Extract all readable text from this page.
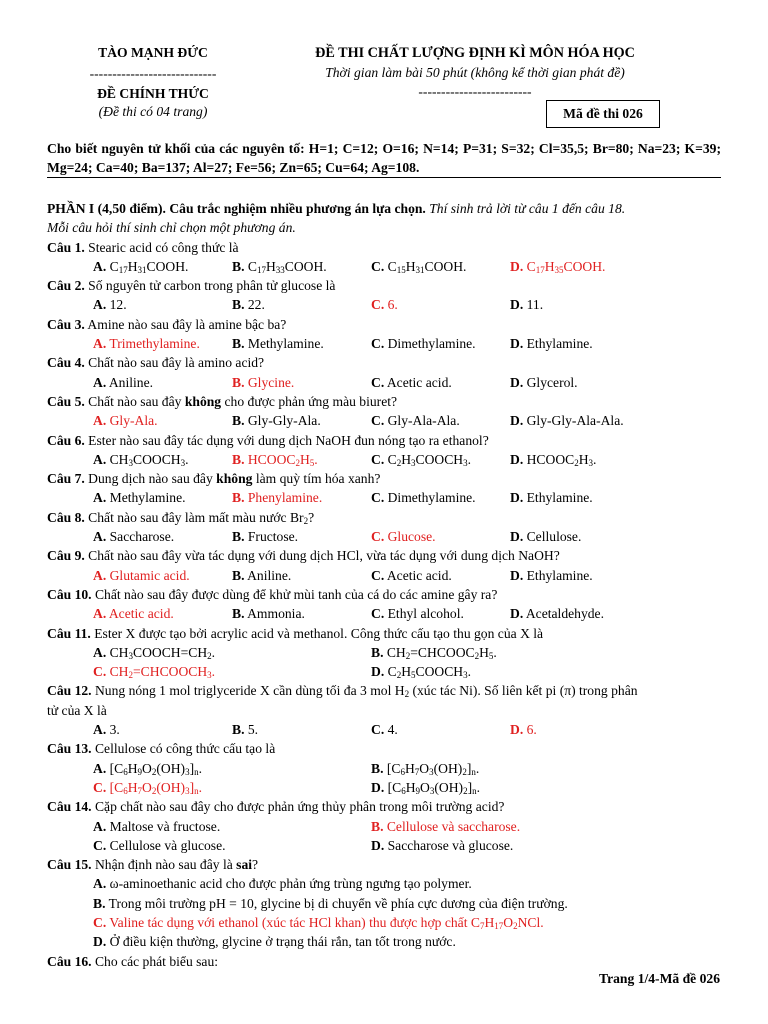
TÀO MẠNH ĐỨC
----------------------------
ĐỀ CHÍNH THỨC
(Đề thi có 04 trang)
ĐỀ THI CHẤT LƯỢNG ĐỊNH KÌ MÔN HÓA HỌC
Thời gian làm bài 50 phút (không kể thời gian phát đề)
-------------------------
Mã đề thi 026
Cho biết nguyên tử khối của các nguyên tố: H=1; C=12; O=16; N=14; P=31; S=32; Cl=35,5; Br=80; Na=23; K=39; Mg=24; Ca=40; Ba=137; Al=27; Fe=56; Zn=65; Cu=64; Ag=108.
PHẦN I (4,50 điểm). Câu trắc nghiệm nhiều phương án lựa chọn. Thí sinh trả lời từ câu 1 đến câu 18.
Mỗi câu hỏi thí sinh chỉ chọn một phương án.
Câu 1. Stearic acid có công thức là
A. $C_{17}H_{31}COOH$.	B. $C_{17}H_{33}COOH$.	C. $C_{15}H_{31}COOH$.	D. $C_{17}H_{35}COOH$.
Câu 2. Số nguyên tử carbon trong phân tử glucose là
A. 12.	B. 22.	C. 6.	D. 11.
Câu 3. Amine nào sau đây là amine bậc ba?
A. Trimethylamine. B. Methylamine.	C. Dimethylamine.	D. Ethylamine.
Câu 4. Chất nào sau đây là amino acid?
A. Aniline.	B. Glycine.	C. Acetic acid.	D. Glycerol.
Câu 5. Chất nào sau đây không cho được phản ứng màu biuret?
A. Gly-Ala.	B. Gly-Gly-Ala.	C. Gly-Ala-Ala.	D. Gly-Gly-Ala-Ala.
Câu 6. Ester nào sau đây tác dụng với dung dịch NaOH đun nóng tạo ra ethanol?
A. $CH_3COOCH_3$.	B. $HCOOC_2H_5$.	C. $C_2H_3COOCH_3$.	D. $HCOOC_2H_3$.
Câu 7. Dung dịch nào sau đây không làm quỳ tím hóa xanh?
A. Methylamine.	B. Phenylamine.	C. Dimethylamine.	D. Ethylamine.
Câu 8. Chất nào sau đây làm mất màu nước $Br_2$?
A. Saccharose.	B. Fructose.	C. Glucose.	D. Cellulose.
Câu 9. Chất nào sau đây vừa tác dụng với dung dịch HCl, vừa tác dụng với dung dịch NaOH?
A. Glutamic acid.	B. Aniline.	C. Acetic acid.	D. Ethylamine.
Câu 10. Chất nào sau đây được dùng để khử mùi tanh của cá do các amine gây ra?
A. Acetic acid.	B. Ammonia.	C. Ethyl alcohol.	D. Acetaldehyde.
Câu 11. Ester X được tạo bởi acrylic acid và methanol. Công thức cấu tạo thu gọn của X là
A. $CH_3COOCH=CH_2$.	B. $CH_2=CHCOOC_2H_5$.
C. $CH_2=CHCOOCH_3$.	D. $C_2H_5COOCH_3$.
Câu 12. Nung nóng 1 mol triglyceride X cần dùng tối đa 3 mol $H_2$ (xúc tác Ni). Số liên kết pi (π) trong phân
tử của X là
A. 3.	B. 5.	C. 4.	D. 6.
Câu 13. Cellulose có công thức cấu tạo là
A. $[C_6H_9O_2(OH)_3]_n$.	B. $[C_6H_7O_3(OH)_2]_n$.
C. $[C_6H_7O_2(OH)_3]_n$.	D. $[C_6H_9O_3(OH)_2]_n$.
Câu 14. Cặp chất nào sau đây cho được phản ứng thủy phân trong môi trường acid?
A. Maltose và fructose.	B. Cellulose và saccharose.
C. Cellulose và glucose.	D. Saccharose và glucose.
Câu 15. Nhận định nào sau đây là sai?
A. ω-aminoethanic acid cho được phản ứng trùng ngưng tạo polymer.
B. Trong môi trường pH = 10, glycine bị di chuyển về phía cực dương của điện trường.
C. Valine tác dụng với ethanol (xúc tác HCl khan) thu được hợp chất $C_7H_{17}O_2NCl$.
D. Ở điều kiện thường, glycine ở trạng thái rắn, tan tốt trong nước.
Câu 16. Cho các phát biểu sau:
Trang 1/4-Mã đề 026
